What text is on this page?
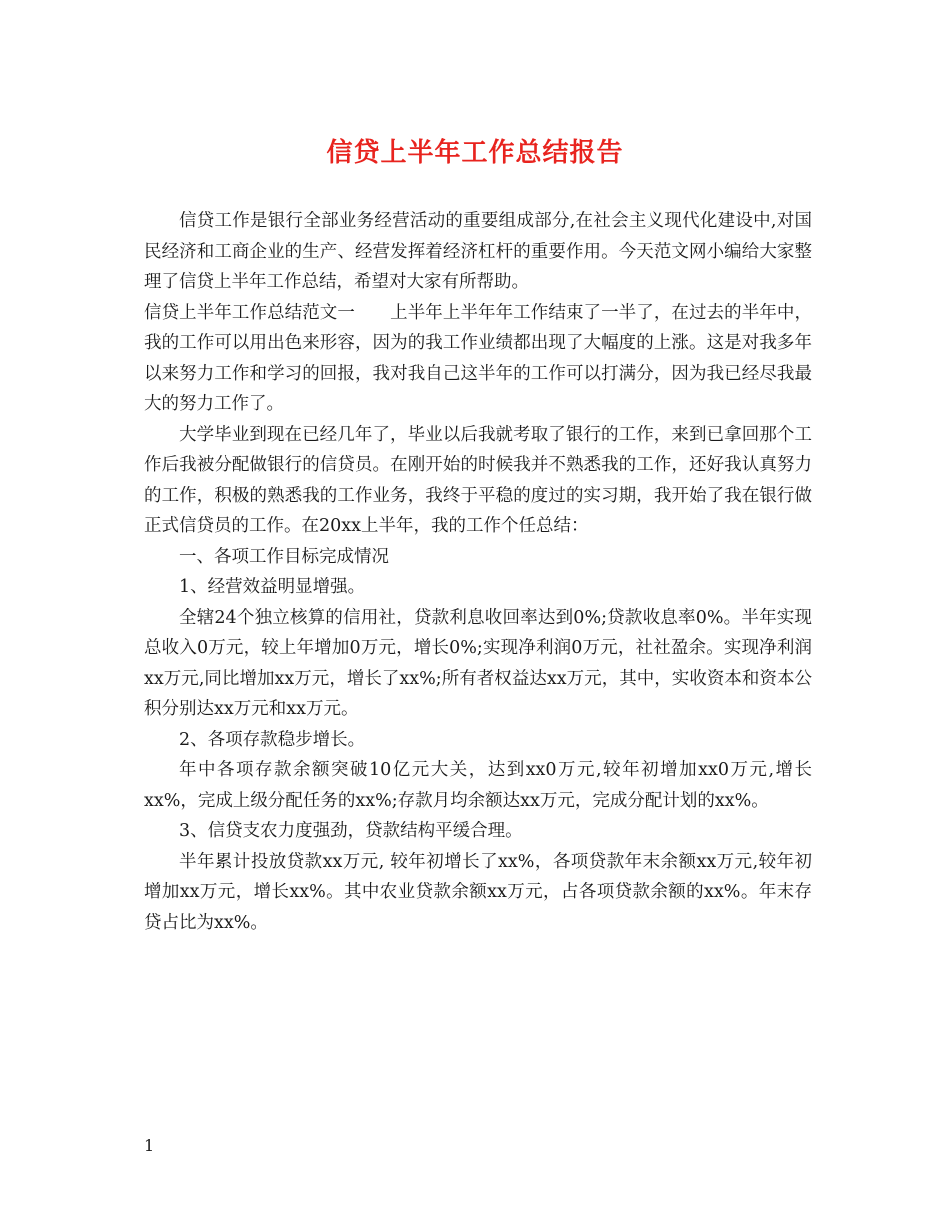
信贷上半年工作总结报告

信贷工作是银行全部业务经营活动的重要组成部分,在社会主义现代化建设中,对国民经济和工商企业的生产、经营发挥着经济杠杆的重要作用。今天范文网小编给大家整理了信贷上半年工作总结，希望对大家有所帮助。

信贷上半年工作总结范文一　　上半年上半年年工作结束了一半了，在过去的半年中，我的工作可以用出色来形容，因为的我工作业绩都出现了大幅度的上涨。这是对我多年以来努力工作和学习的回报，我对我自己这半年的工作可以打满分，因为我已经尽我最大的努力工作了。

大学毕业到现在已经几年了，毕业以后我就考取了银行的工作，来到已拿回那个工作后我被分配做银行的信贷员。在刚开始的时候我并不熟悉我的工作，还好我认真努力的工作，积极的熟悉我的工作业务，我终于平稳的度过的实习期，我开始了我在银行做正式信贷员的工作。在20xx上半年，我的工作个任总结：

一、各项工作目标完成情况

1、经营效益明显增强。

全辖24个独立核算的信用社，贷款利息收回率达到0%;贷款收息率0%。半年实现总收入0万元，较上年增加0万元，增长0%;实现净利润0万元，社社盈余。实现净利润xx万元,同比增加xx万元，增长了xx%;所有者权益达xx万元，其中，实收资本和资本公积分别达xx万元和xx万元。

2、各项存款稳步增长。

年中各项存款余额突破10亿元大关，达到xx0万元,较年初增加xx0万元,增长xx%，完成上级分配任务的xx%;存款月均余额达xx万元，完成分配计划的xx%。

3、信贷支农力度强劲，贷款结构平缓合理。

半年累计投放贷款xx万元, 较年初增长了xx%，各项贷款年末余额xx万元,较年初增加xx万元，增长xx%。其中农业贷款余额xx万元，占各项贷款余额的xx%。年末存贷占比为xx%。

1
